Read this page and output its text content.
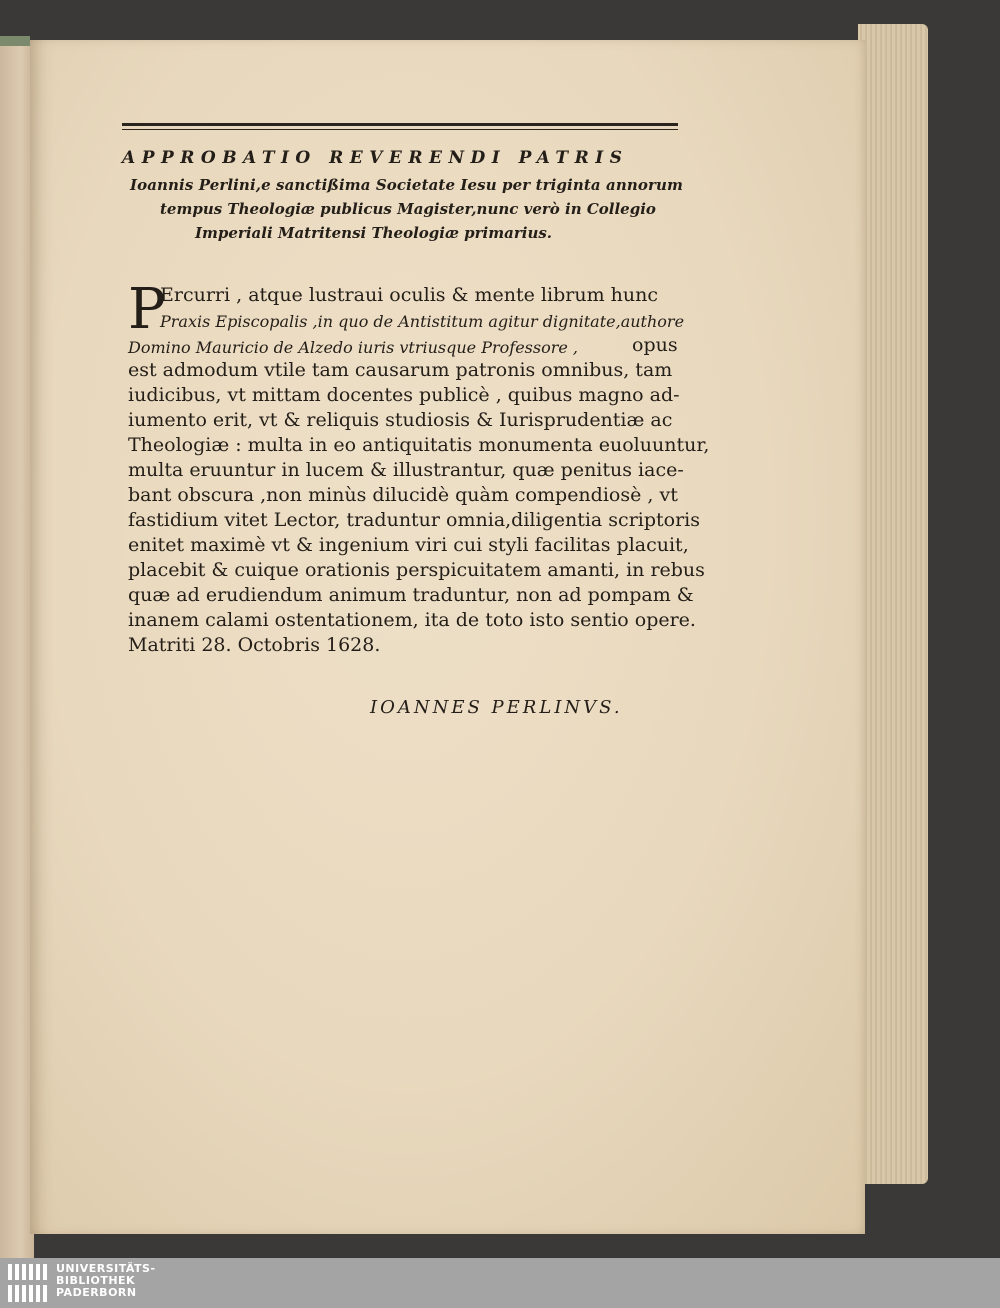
APPROBATIO REVERENDI PATRIS

Ioannis Perlini,e sanctißima Societate Iesu per triginta annorum

tempus Theologiæ publicus Magister,nunc verò in Collegio

Imperiali Matritensi Theologiæ primarius.

P

Ercurri , atque lustraui oculis & mente librum hunc

Praxis Episcopalis ,in quo de Antistitum agitur dignitate,authore

Domino Mauricio de Alzedo iuris vtriusque Professore ,	opus

est admodum vtile tam causarum patronis omnibus, tam

iudicibus, vt mittam docentes publicè , quibus magno ad-

iumento erit, vt & reliquis studiosis & Iurisprudentiæ ac

Theologiæ : multa in eo antiquitatis monumenta euoluuntur,

multa eruuntur in lucem & illustrantur, quæ penitus iace-

bant obscura ,non minùs dilucidè quàm compendiosè , vt

fastidium vitet Lector, traduntur omnia,diligentia scriptoris

enitet maximè vt & ingenium viri cui styli facilitas placuit,

placebit & cuique orationis perspicuitatem amanti, in rebus

quæ ad erudiendum animum traduntur, non ad pompam &

inanem calami ostentationem, ita de toto isto sentio opere.

Matriti 28. Octobris 1628.

IOANNES PERLINVS.

UNIVERSITÄTS-
BIBLIOTHEK
PADERBORN
